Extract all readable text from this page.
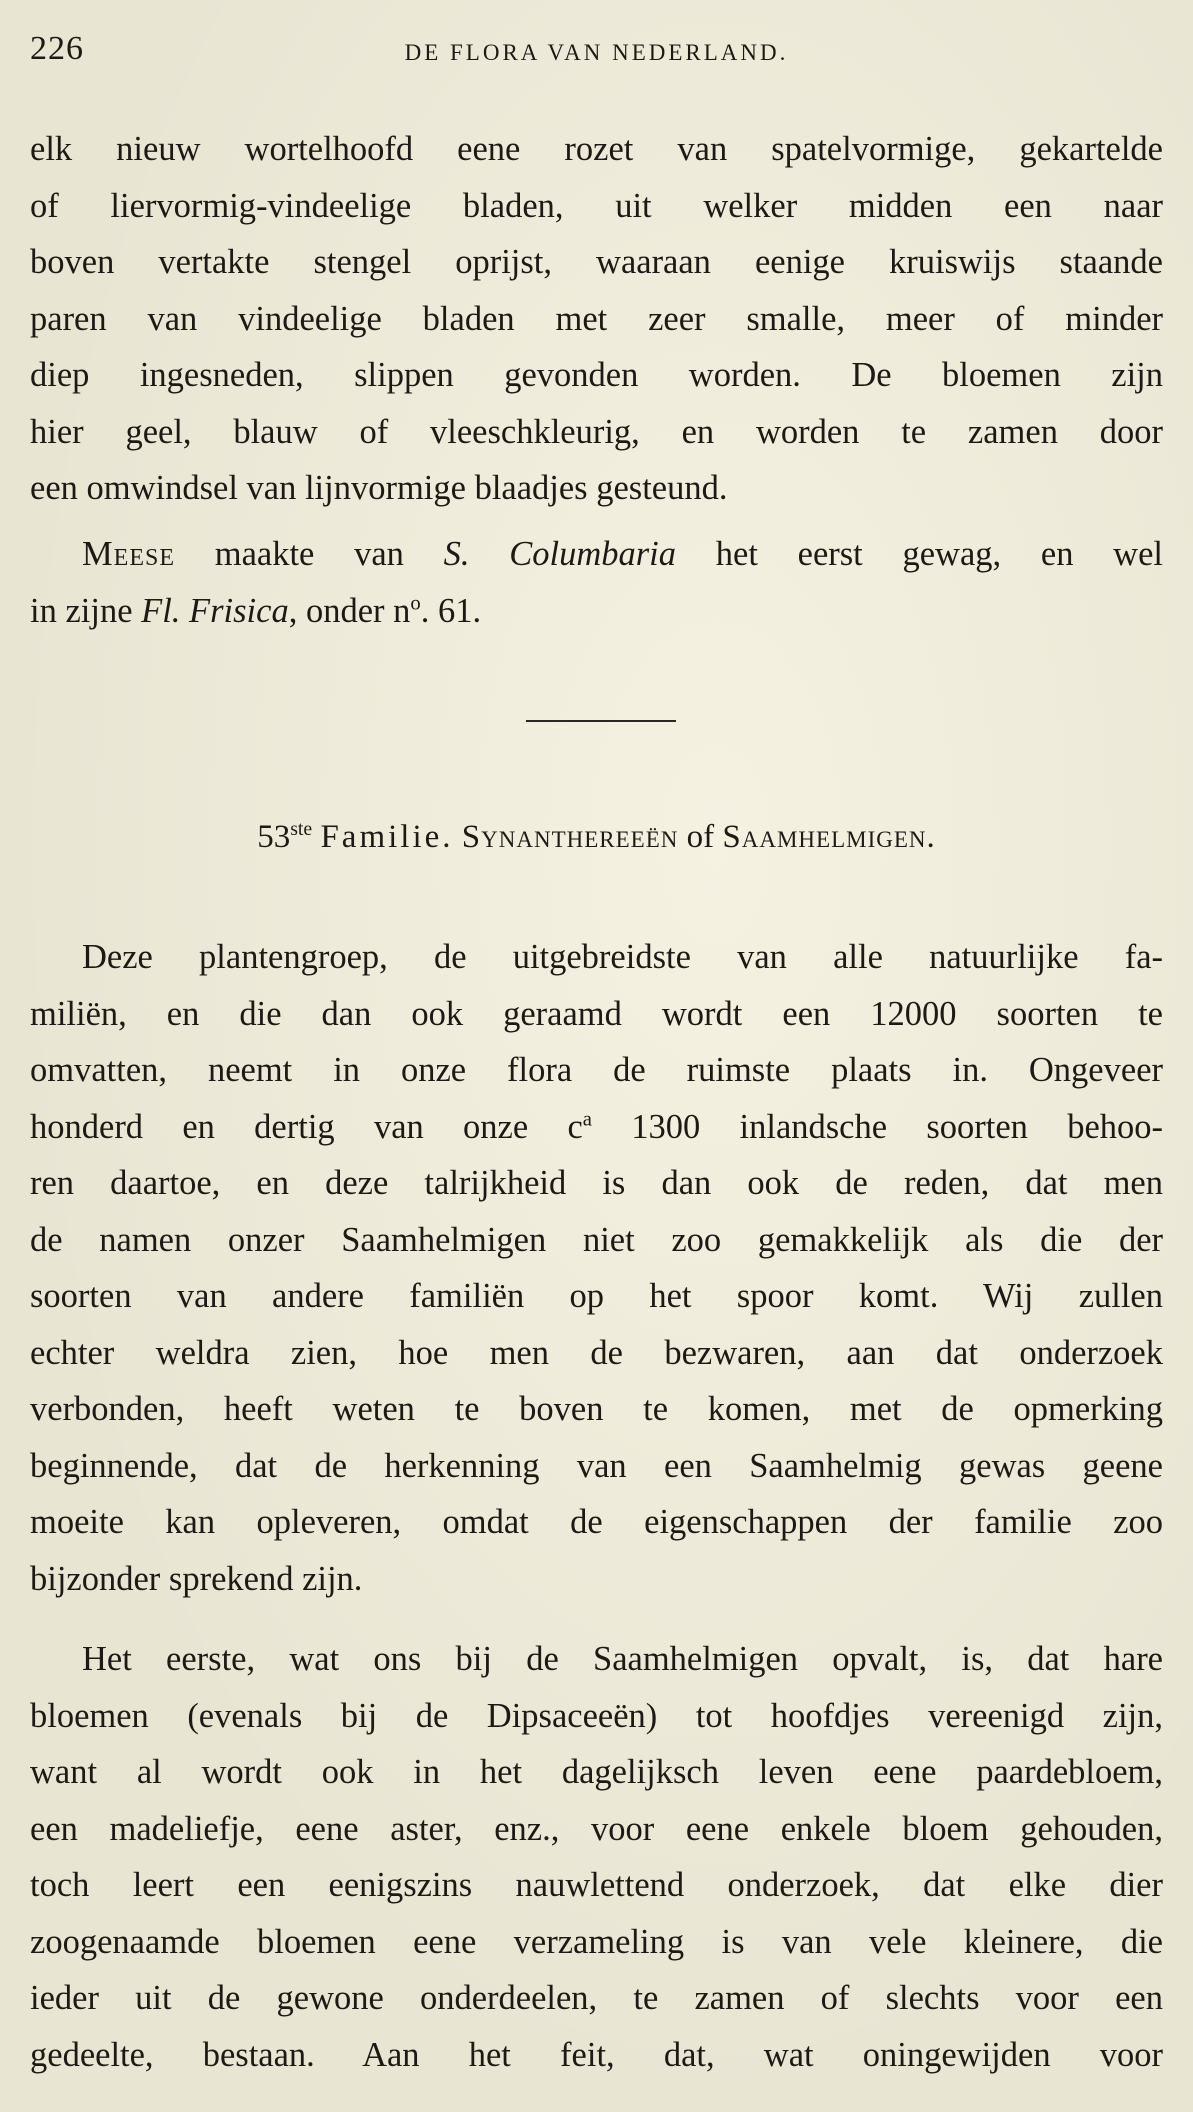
226	DE FLORA VAN NEDERLAND.
elk nieuw wortelhoofd eene rozet van spatelvormige, gekartelde
of liervormig-vindeelige bladen, uit welker midden een naar
boven vertakte stengel oprijst, waaraan eenige kruiswijs staande
paren van vindeelige bladen met zeer smalle, meer of minder
diep ingesneden, slippen gevonden worden. De bloemen zijn
hier geel, blauw of vleeschkleurig, en worden te zamen door
een omwindsel van lijnvormige blaadjes gesteund.
Meese maakte van S. Columbaria het eerst gewag, en wel
in zijne Fl. Frisica, onder $n^o$. 61.
53ste Familie. Synanthereeën of Saamhelmigen.
Deze plantengroep, de uitgebreidste van alle natuurlijke fa-
miliën, en die dan ook geraamd wordt een 12000 soorten te
omvatten, neemt in onze flora de ruimste plaats in. Ongeveer
honderd en dertig van onze $c^a$ 1300 inlandsche soorten behoo-
ren daartoe, en deze talrijkheid is dan ook de reden, dat men
de namen onzer Saamhelmigen niet zoo gemakkelijk als die der
soorten van andere familiën op het spoor komt. Wij zullen
echter weldra zien, hoe men de bezwaren, aan dat onderzoek
verbonden, heeft weten te boven te komen, met de opmerking
beginnende, dat de herkenning van een Saamhelmig gewas geene
moeite kan opleveren, omdat de eigenschappen der familie zoo
bijzonder sprekend zijn.
Het eerste, wat ons bij de Saamhelmigen opvalt, is, dat hare
bloemen (evenals bij de Dipsaceeën) tot hoofdjes vereenigd zijn,
want al wordt ook in het dagelijksch leven eene paardebloem,
een madeliefje, eene aster, enz., voor eene enkele bloem gehouden,
toch leert een eenigszins nauwlettend onderzoek, dat elke dier
zoogenaamde bloemen eene verzameling is van vele kleinere, die
ieder uit de gewone onderdeelen, te zamen of slechts voor een
gedeelte, bestaan. Aan het feit, dat, wat oningewijden voor
